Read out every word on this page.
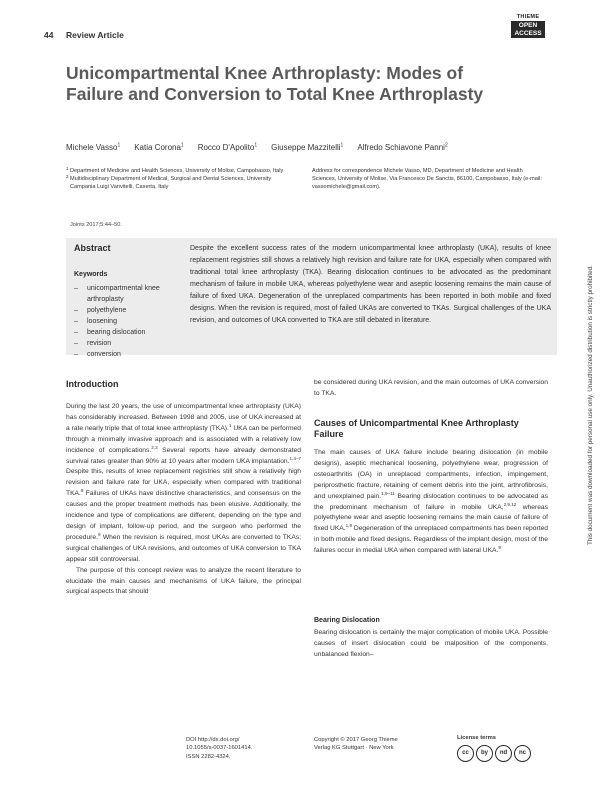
44 Review Article
THIEME
OPEN
ACCESS
Unicompartmental Knee Arthroplasty: Modes of Failure and Conversion to Total Knee Arthroplasty
Michele Vasso$^1$ Katia Corona$^1$ Rocco D'Apolito$^1$ Giuseppe Mazzitelli$^1$ Alfredo Schiavone Panni$^2$
1 Department of Medicine and Health Sciences, University of Molise, Campobasso, Italy
2 Multidisciplinary Department of Medical, Surgical and Dental Sciences, University Campania Luigi Vanvitelli, Caserta, Italy
Address for correspondence Michele Vasso, MD, Department of Medicine and Health Sciences, University of Molise, Via Francesco De Sanctis, 86100, Campobasso, Italy (e-mail: vassomichele@gmail.com).
Joints 2017;5:44–50.
Abstract
Keywords
– unicompartmental knee arthroplasty
– polyethylene
– loosening
– bearing dislocation
– revision
– conversion
Despite the excellent success rates of the modern unicompartmental knee arthroplasty (UKA), results of knee replacement registries still shows a relatively high revision and failure rate for UKA, especially when compared with traditional total knee arthroplasty (TKA). Bearing dislocation continues to be advocated as the predominant mechanism of failure in mobile UKA, whereas polyethylene wear and aseptic loosening remains the main cause of failure of fixed UKA. Degeneration of the unreplaced compartments has been reported in both mobile and fixed designs. When the revision is required, most of failed UKAs are converted to TKAs. Surgical challenges of the UKA revision, and outcomes of UKA converted to TKA are still debated in literature.
Introduction

During the last 20 years, the use of unicompartmental knee arthroplasty (UKA) has considerably increased. Between 1998 and 2005, use of UKA increased at a rate nearly triple that of total knee arthroplasty (TKA).$^1$ UKA can be performed through a minimally invasive approach and is associated with a relatively low incidence of complications.$^{2,3}$ Several reports have already demonstrated survival rates greater than 90% at 10 years after modern UKA implantation.$^{1,4-7}$ Despite this, results of knee replacement registries still show a relatively high revision and failure rate for UKA, especially when compared with traditional TKA.$^8$ Failures of UKAs have distinctive characteristics, and consensus on the causes and the proper treatment methods has been elusive. Additionally, the incidence and type of complications are different, depending on the type and design of implant, follow-up period, and the surgeon who performed the procedure.$^9$ When the revision is required, most UKAs are converted to TKAs; surgical challenges of UKA revisions, and outcomes of UKA conversion to TKA appear still controversial.

The purpose of this concept review was to analyze the recent literature to elucidate the main causes and mechanisms of UKA failure, the principal surgical aspects that should

be considered during UKA revision, and the main outcomes of UKA conversion to TKA.
Causes of Unicompartmental Knee Arthroplasty Failure
The main causes of UKA failure include bearing dislocation (in mobile designs), aseptic mechanical loosening, polyethylene wear, progression of osteoarthritis (OA) in unreplaced compartments, infection, impingement, periprosthetic fracture, retaining of cement debris into the joint, arthrofibrosis, and unexplained pain.$^{1,9-11}$ Bearing dislocation continues to be advocated as the predominant mechanism of failure in mobile UKA,$^{2,9,12}$ whereas polyethylene wear and aseptic loosening remains the main cause of failure of fixed UKA.$^{1,9}$ Degeneration of the unreplaced compartments has been reported in both mobile and fixed designs. Regardless of the implant design, most of the failures occur in medial UKA when compared with lateral UKA.$^9$
Bearing Dislocation
Bearing dislocation is certainly the major complication of mobile UKA. Possible causes of insert dislocation could be malposition of the components, unbalanced flexion–
DOI http://dx.doi.org/
10.1055/s-0037-1601414.
ISSN 2282-4324.
Copyright © 2017 Georg Thieme
Verlag KG Stuttgart · New York
License terms
cc	by	nd	nc
This document was downloaded for personal use only. Unauthorized distribution is strictly prohibited.
